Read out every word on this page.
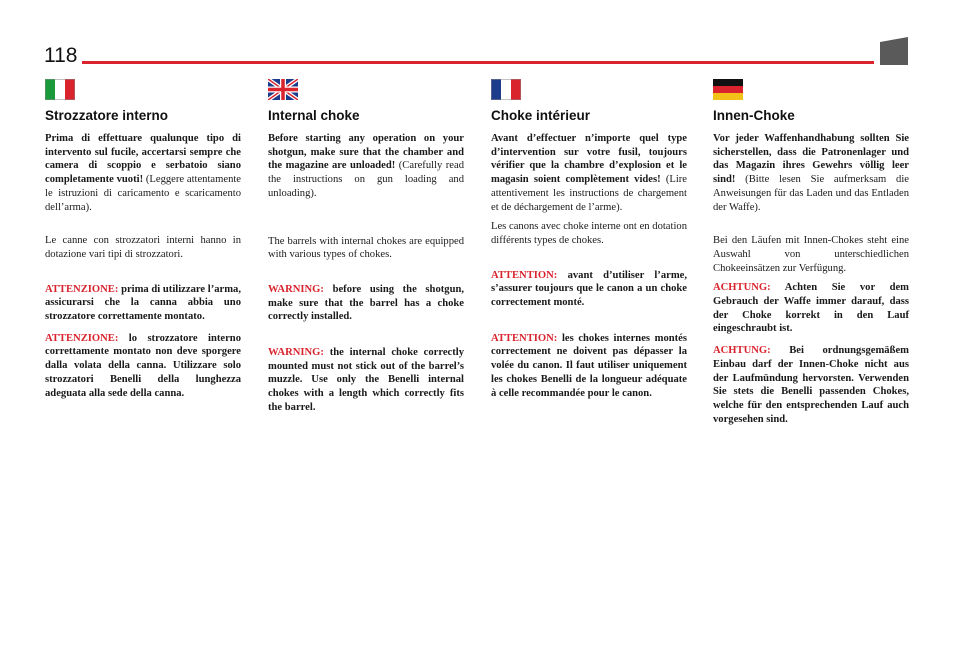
118
Strozzatore interno

Prima di effettuare qualunque tipo di intervento sul fucile, accertarsi sempre che camera di scoppio e serbatoio siano completamente vuoti! (Leggere attentamente le istruzioni di caricamento e scaricamento dell’arma).

Le canne con strozzatori interni hanno in dotazione vari tipi di strozzatori.

ATTENZIONE: prima di utilizzare l’arma, assicurarsi che la canna abbia uno strozzatore correttamente montato.

ATTENZIONE: lo strozzatore interno correttamente montato non deve sporgere dalla volata della canna. Utilizzare solo strozzatori Benelli della lunghezza adeguata alla sede della canna.

Internal choke

Before starting any operation on your shotgun, make sure that the chamber and the magazine are unloaded! (Carefully read the instructions on gun loading and unloading).

The barrels with internal chokes are equipped with various types of chokes.

WARNING: before using the shotgun, make sure that the barrel has a choke correctly installed.

WARNING: the internal choke correctly mounted must not stick out of the barrel’s muzzle. Use only the Benelli internal chokes with a length which correctly fits the barrel.

Choke intérieur

Avant d’effectuer n’importe quel type d’intervention sur votre fusil, toujours vérifier que la chambre d’explosion et le magasin soient complètement vides! (Lire attentivement les instructions de chargement et de déchargement de l’arme).

Les canons avec choke interne ont en dotation différents types de chokes.

ATTENTION: avant d’utiliser l’arme, s’assurer toujours que le canon a un choke correctement monté.

ATTENTION: les chokes internes montés correctement ne doivent pas dépasser la volée du canon. Il faut utiliser uniquement les chokes Benelli de la longueur adéquate à celle recommandée pour le canon.

Innen-Choke

Vor jeder Waffenhandhabung sollten Sie sicherstellen, dass die Patronenlager und das Magazin ihres Gewehrs völlig leer sind! (Bitte lesen Sie aufmerksam die Anweisungen für das Laden und das Entladen der Waffe).

Bei den Läufen mit Innen-Chokes steht eine Auswahl von unterschiedlichen Chokeeinsätzen zur Verfügung.

ACHTUNG: Achten Sie vor dem Gebrauch der Waffe immer darauf, dass der Choke korrekt in den Lauf eingeschraubt ist.

ACHTUNG: Bei ordnungsgemäßem Einbau darf der Innen-Choke nicht aus der Laufmündung hervorsten. Verwenden Sie stets die Benelli passenden Chokes, welche für den entsprechenden Lauf auch vorgesehen sind.
